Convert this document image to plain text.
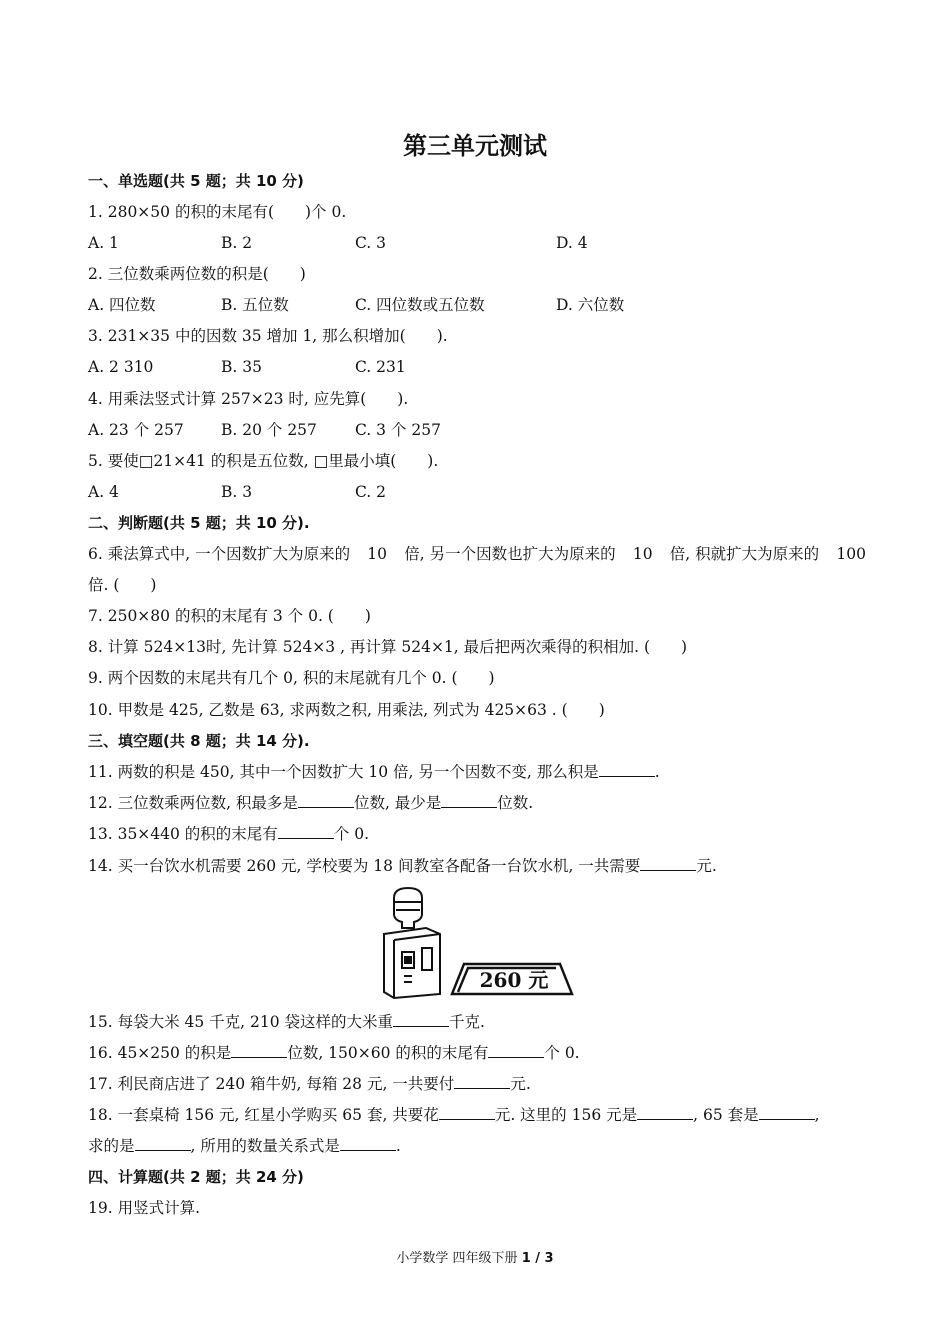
第三单元测试
一、单选题(共 5 题；共 10 分)
1. 280×50 的积的末尾有(　　)个 0.
A. 1	B. 2	C. 3	D. 4
2. 三位数乘两位数的积是(　　)
A. 四位数	B. 五位数	C. 四位数或五位数	D. 六位数
3. 231×35 中的因数 35 增加 1, 那么积增加(　　).
A. 2 310	B. 35	C. 231
4. 用乘法竖式计算 257×23 时, 应先算(　　).
A. 23 个 257 B. 20 个 257 C. 3 个 257
5. 要使□21×41 的积是五位数, □里最小填(　　).
A. 4	B. 3	C. 2
二、判断题(共 5 题；共 10 分).
6. 乘法算式中, 一个因数扩大为原来的 10 倍, 另一个因数也扩大为原来的 10 倍, 积就扩大为原来的 100
倍. (　　)
7. 250×80 的积的末尾有 3 个 0. (　　)
8. 计算 524×13时, 先计算 524×3 , 再计算 524×1, 最后把两次乘得的积相加. (　　)
9. 两个因数的末尾共有几个 0, 积的末尾就有几个 0. (　　)
10. 甲数是 425, 乙数是 63, 求两数之积, 用乘法, 列式为 425×63 . (　　)
三、填空题(共 8 题；共 14 分).
11. 两数的积是 450, 其中一个因数扩大 10 倍, 另一个因数不变, 那么积是	.
12. 三位数乘两位数, 积最多是	位数, 最少是	位数.
13. 35×440 的积的末尾有	个 0.
14. 买一台饮水机需要 260 元, 学校要为 18 间教室各配备一台饮水机, 一共需要	元.
260 元
15. 每袋大米 45 千克, 210 袋这样的大米重	千克.
16. 45×250 的积是	位数, 150×60 的积的末尾有	个 0.
17. 利民商店进了 240 箱牛奶, 每箱 28 元, 一共要付	元.
18. 一套桌椅 156 元, 红星小学购买 65 套, 共要花	元. 这里的 156 元是	, 65 套是	,
求的是	, 所用的数量关系式是	.
四、计算题(共 2 题；共 24 分)
19. 用竖式计算.
小学数学 四年级下册 1 / 3
